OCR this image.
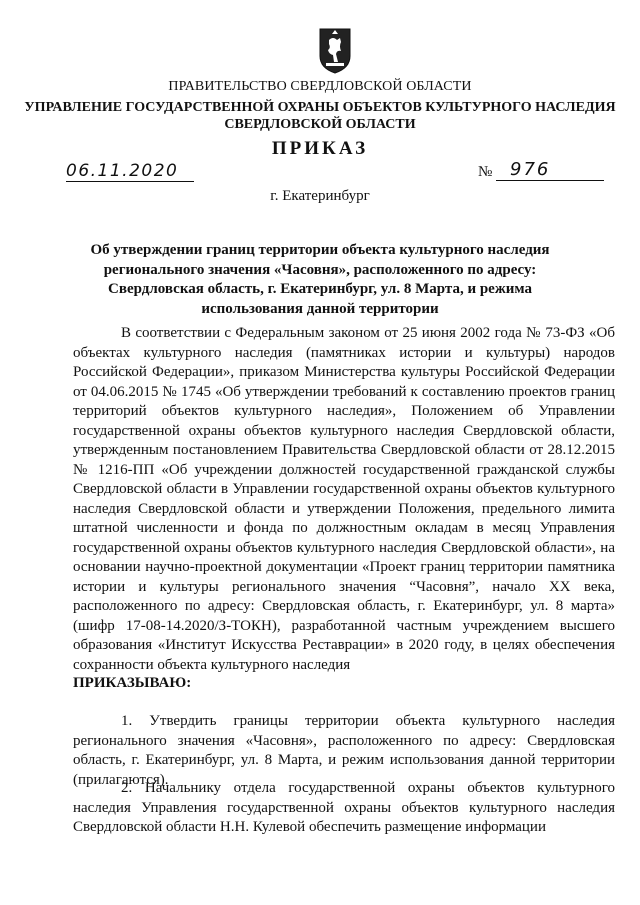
ПРАВИТЕЛЬСТВО СВЕРДЛОВСКОЙ ОБЛАСТИ
УПРАВЛЕНИЕ ГОСУДАРСТВЕННОЙ ОХРАНЫ ОБЪЕКТОВ КУЛЬТУРНОГО НАСЛЕДИЯ
СВЕРДЛОВСКОЙ ОБЛАСТИ
ПРИКАЗ
06.11.2020	№ 976
г. Екатеринбург
Об утверждении границ территории объекта культурного наследия
регионального значения «Часовня», расположенного по адресу:
Свердловская область, г. Екатеринбург, ул. 8 Марта, и режима
использования данной территории
В соответствии с Федеральным законом от 25 июня 2002 года № 73-ФЗ «Об объектах культурного наследия (памятниках истории и культуры) народов Российской Федерации», приказом Министерства культуры Российской Федерации от 04.06.2015 № 1745 «Об утверждении требований к составлению проектов границ территорий объектов культурного наследия», Положением об Управлении государственной охраны объектов культурного наследия Свердловской области, утвержденным постановлением Правительства Свердловской области от 28.12.2015 № 1216-ПП «Об учреждении должностей государственной гражданской службы Свердловской области в Управлении государственной охраны объектов культурного наследия Свердловской области и утверждении Положения, предельного лимита штатной численности и фонда по должностным окладам в месяц Управления государственной охраны объектов культурного наследия Свердловской области», на основании научно-проектной документации «Проект границ территории памятника истории и культуры регионального значения “Часовня”, начало XX века, расположенного по адресу: Свердловская область, г. Екатеринбург, ул. 8 марта» (шифр 17-08-14.2020/З-ТОКН), разработанной частным учреждением высшего образования «Институт Искусства Реставрации» в 2020 году, в целях обеспечения сохранности объекта культурного наследия
ПРИКАЗЫВАЮ:
1. Утвердить границы территории объекта культурного наследия регионального значения «Часовня», расположенного по адресу: Свердловская область, г. Екатеринбург, ул. 8 Марта, и режим использования данной территории (прилагаются).
2. Начальнику отдела государственной охраны объектов культурного наследия Управления государственной охраны объектов культурного наследия Свердловской области Н.Н. Кулевой обеспечить размещение информации
